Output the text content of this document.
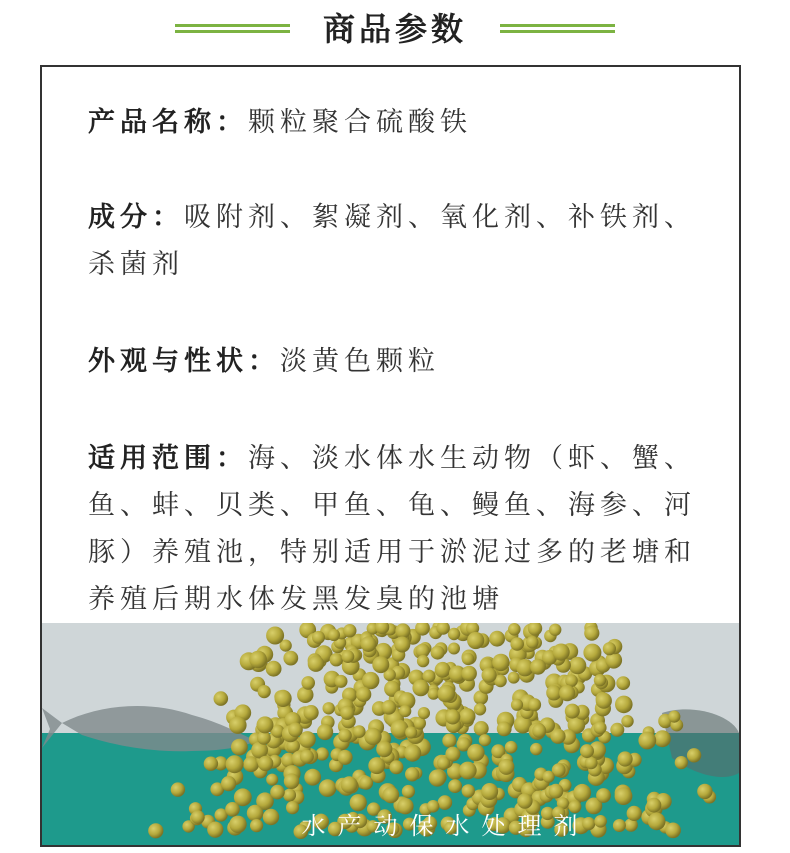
商品参数
产品名称：颗粒聚合硫酸铁
成分：吸附剂、絮凝剂、氧化剂、补铁剂、杀菌剂
外观与性状：淡黄色颗粒
适用范围：海、淡水体水生动物（虾、蟹、鱼、蚌、贝类、甲鱼、龟、鳗鱼、海参、河豚）养殖池，特别适用于淤泥过多的老塘和养殖后期水体发黑发臭的池塘
水产动保水处理剂
